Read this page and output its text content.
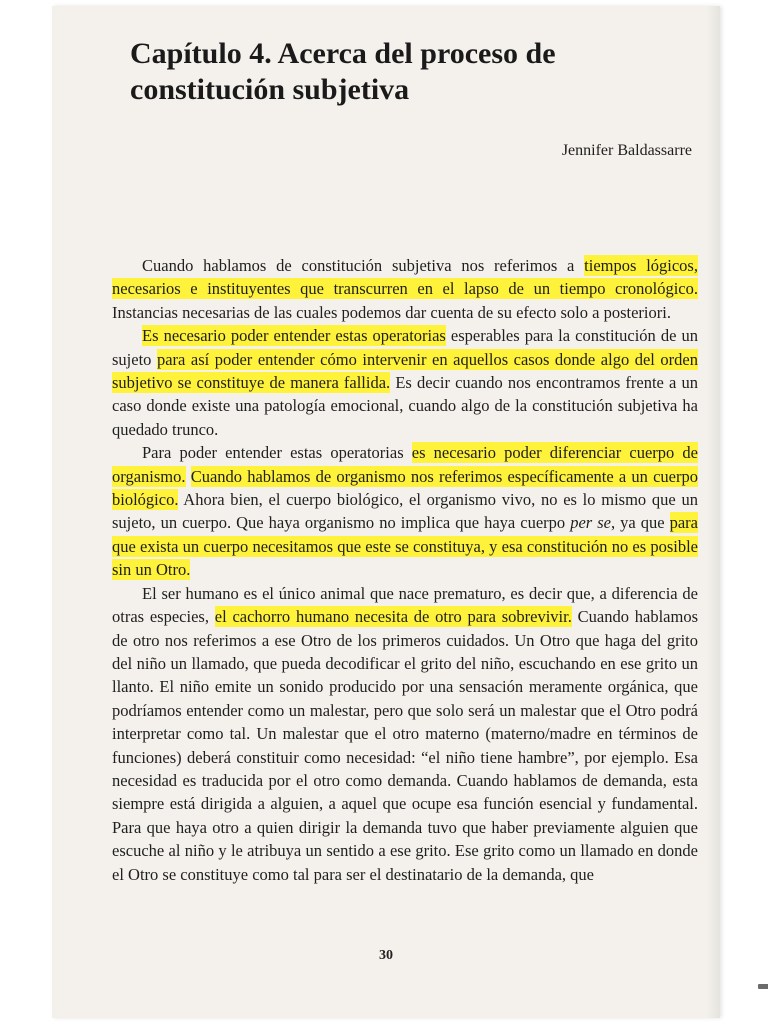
Capítulo 4. Acerca del proceso de
constitución subjetiva
Jennifer Baldassarre

Cuando hablamos de constitución subjetiva nos referimos a tiempos lógicos, necesarios e instituyentes que transcurren en el lapso de un tiempo cronológico. Instancias necesarias de las cuales podemos dar cuenta de su efecto solo a posteriori.

Es necesario poder entender estas operatorias esperables para la constitución de un sujeto para así poder entender cómo intervenir en aquellos casos donde algo del orden subjetivo se constituye de manera fallida. Es decir cuando nos encontramos frente a un caso donde existe una patología emocional, cuando algo de la constitución subjetiva ha quedado trunco.

Para poder entender estas operatorias es necesario poder diferenciar cuerpo de organismo. Cuando hablamos de organismo nos referimos específicamente a un cuerpo biológico. Ahora bien, el cuerpo biológico, el organismo vivo, no es lo mismo que un sujeto, un cuerpo. Que haya organismo no implica que haya cuerpo per se, ya que para que exista un cuerpo necesitamos que este se constituya, y esa constitución no es posible sin un Otro.

El ser humano es el único animal que nace prematuro, es decir que, a diferencia de otras especies, el cachorro humano necesita de otro para sobrevivir. Cuando hablamos de otro nos referimos a ese Otro de los primeros cuidados. Un Otro que haga del grito del niño un llamado, que pueda decodificar el grito del niño, escuchando en ese grito un llanto. El niño emite un sonido producido por una sensación meramente orgánica, que podríamos entender como un malestar, pero que solo será un malestar que el Otro podrá interpretar como tal. Un malestar que el otro materno (materno/madre en términos de funciones) deberá constituir como necesidad: “el niño tiene hambre”, por ejemplo. Esa necesidad es traducida por el otro como demanda. Cuando hablamos de demanda, esta siempre está dirigida a alguien, a aquel que ocupe esa función esencial y fundamental. Para que haya otro a quien dirigir la demanda tuvo que haber previamente alguien que escuche al niño y le atribuya un sentido a ese grito. Ese grito como un llamado en donde el Otro se constituye como tal para ser el destinatario de la demanda, que

30
